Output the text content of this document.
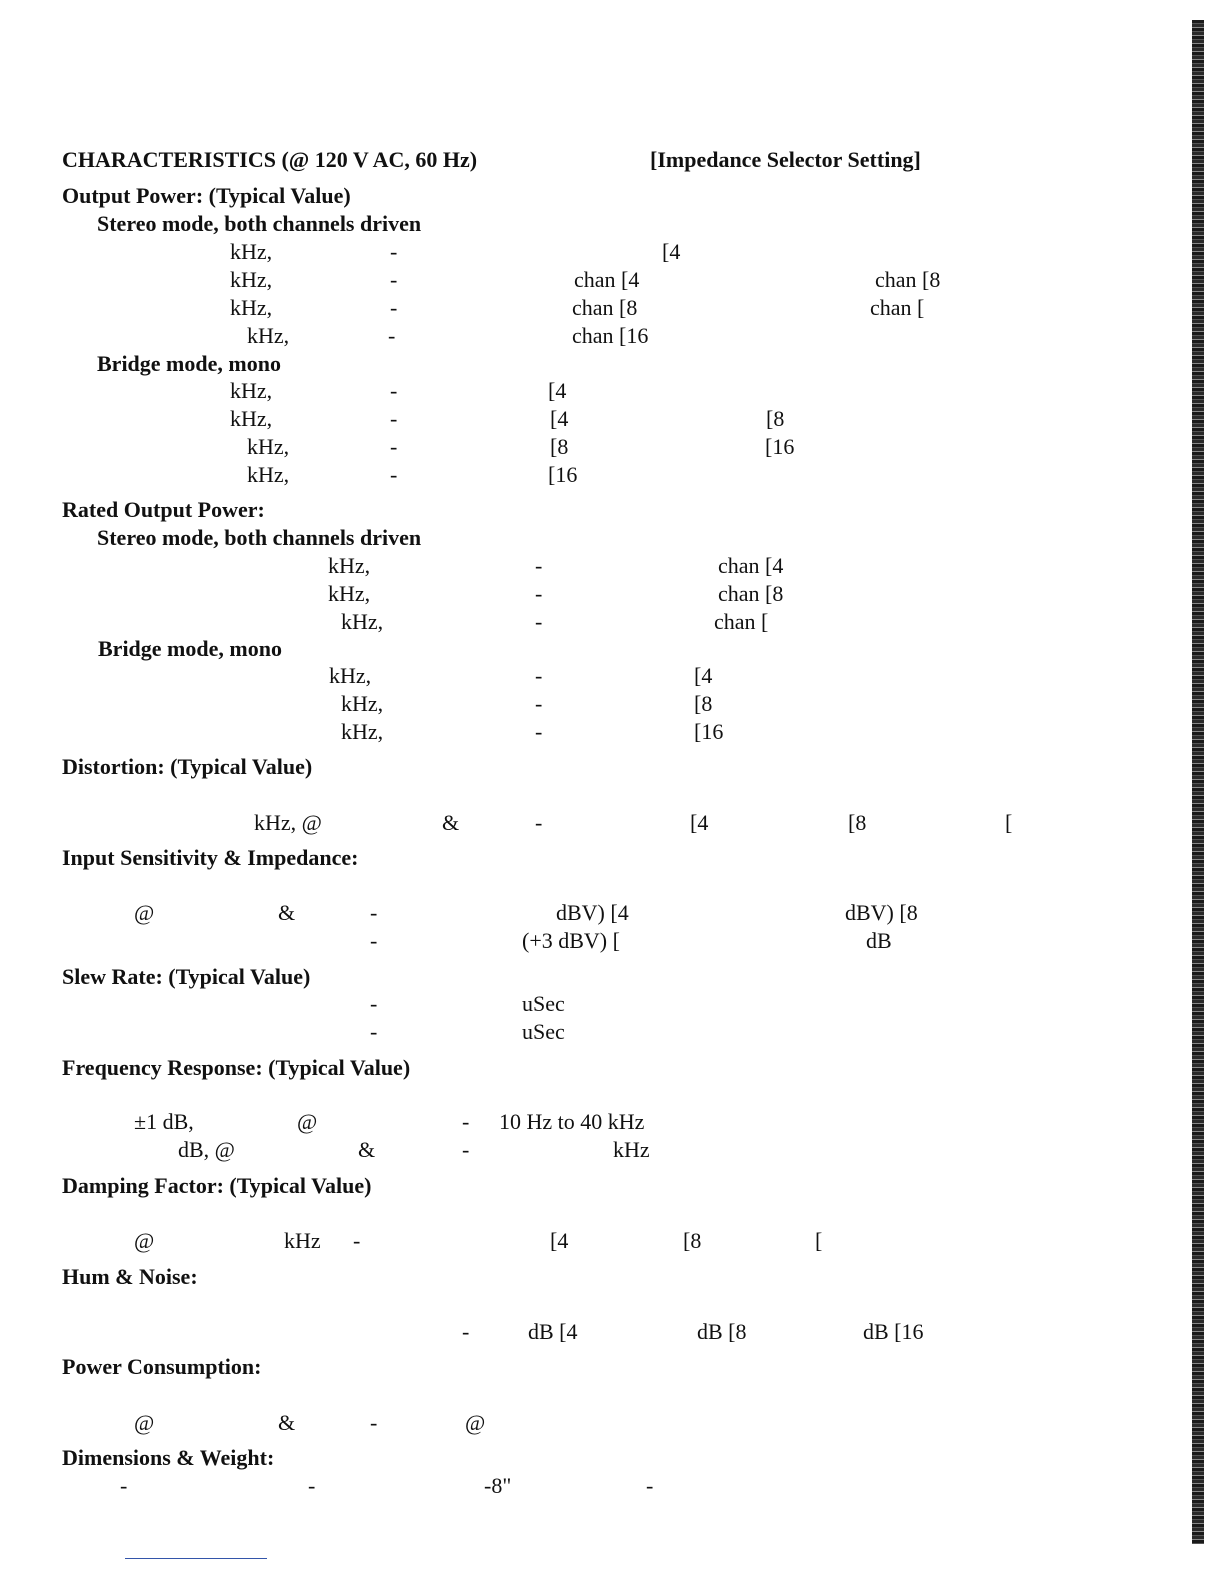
CHARACTERISTICS (@ 120 V AC, 60 Hz)	[Impedance Selector Setting]
Output Power: (Typical Value)
Stereo mode, both channels driven
kHz,	-	[4
kHz,	-	chan [4	chan [8
kHz,	-	chan [8	chan [
kHz,	-	chan [16
Bridge mode, mono
kHz,	-	[4
kHz,	-	[4	[8
kHz,	-	[8	[16
kHz,	-	[16
Rated Output Power:
Stereo mode, both channels driven
kHz,	-	chan [4
kHz,	-	chan [8
kHz,	-	chan [
Bridge mode, mono
kHz,	-	[4
kHz,	-	[8
kHz,	-	[16
Distortion: (Typical Value)
kHz, @	&	-	[4	[8	[
Input Sensitivity & Impedance:
@	&	-	dBV) [4	dBV) [8
-	(+3 dBV) [	dB
Slew Rate: (Typical Value)
-	uSec
-	uSec
Frequency Response: (Typical Value)
±1 dB,	@	- 10 Hz to 40 kHz
dB, @	&	-	kHz
Damping Factor: (Typical Value)
@	kHz -	[4	[8	[
Hum & Noise:
-	dB [4	dB [8	dB [16
Power Consumption:
@	&	-	@
Dimensions & Weight:
-	-	-8"	-
